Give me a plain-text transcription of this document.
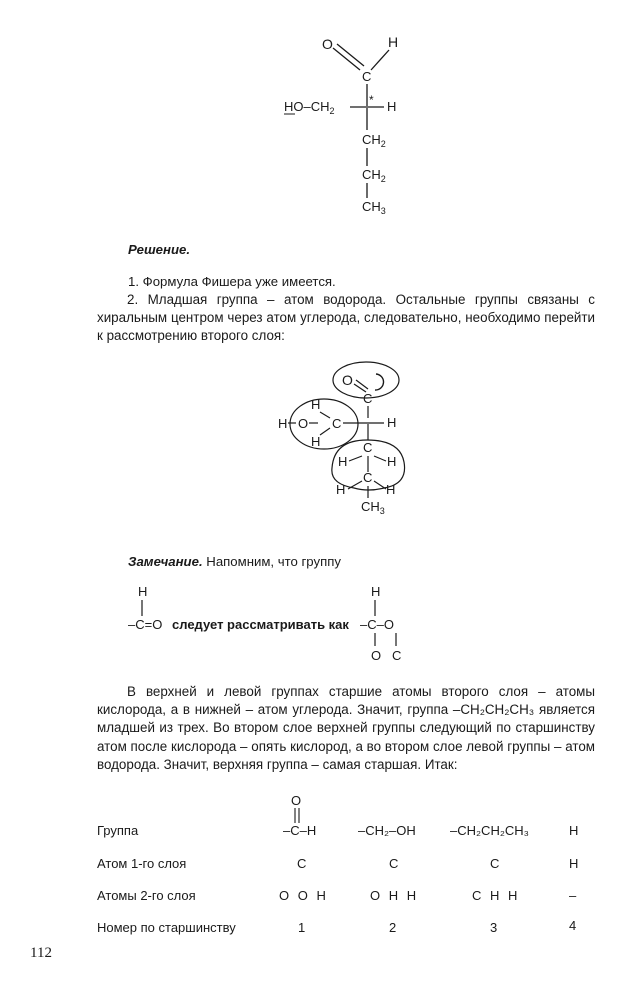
O	H
C
*
$HO-CH_2$	H
$CH_2$
$CH_2$
$CH_3$
Решение.
1. Формула Фишера уже имеется.
2. Младшая группа – атом водорода. Остальные группы связаны с хиральным центром через атом углерода, следовательно, необходимо перейти к рассмотрению второго слоя:
O
C
H O
H
H
C	H
C
H	H
C
H	H
$CH_3$
Замечание. Напомним, что группу
H
–C=O следует рассматривать как
H
–C–O
O C
В верхней и левой группах старшие атомы второго слоя – атомы кислорода, а в нижней – атом углерода. Значит, группа –CH₂CH₂CH₃ является младшей из трех. Во втором слое верхней группы следующий по старшинству атом после кислорода – опять кислород, а во втором слое левой группы – атом водорода. Значит, верхняя группа – самая старшая. Итак:
O
Группа	–C–H	–CH₂–OH	–CH₂CH₂CH₃	H
Атом 1-го слоя	C	C	C	H
Атомы 2-го слоя	O O H	O H H	C H H	–
Номер по старшинству	1	2	3	4
112
